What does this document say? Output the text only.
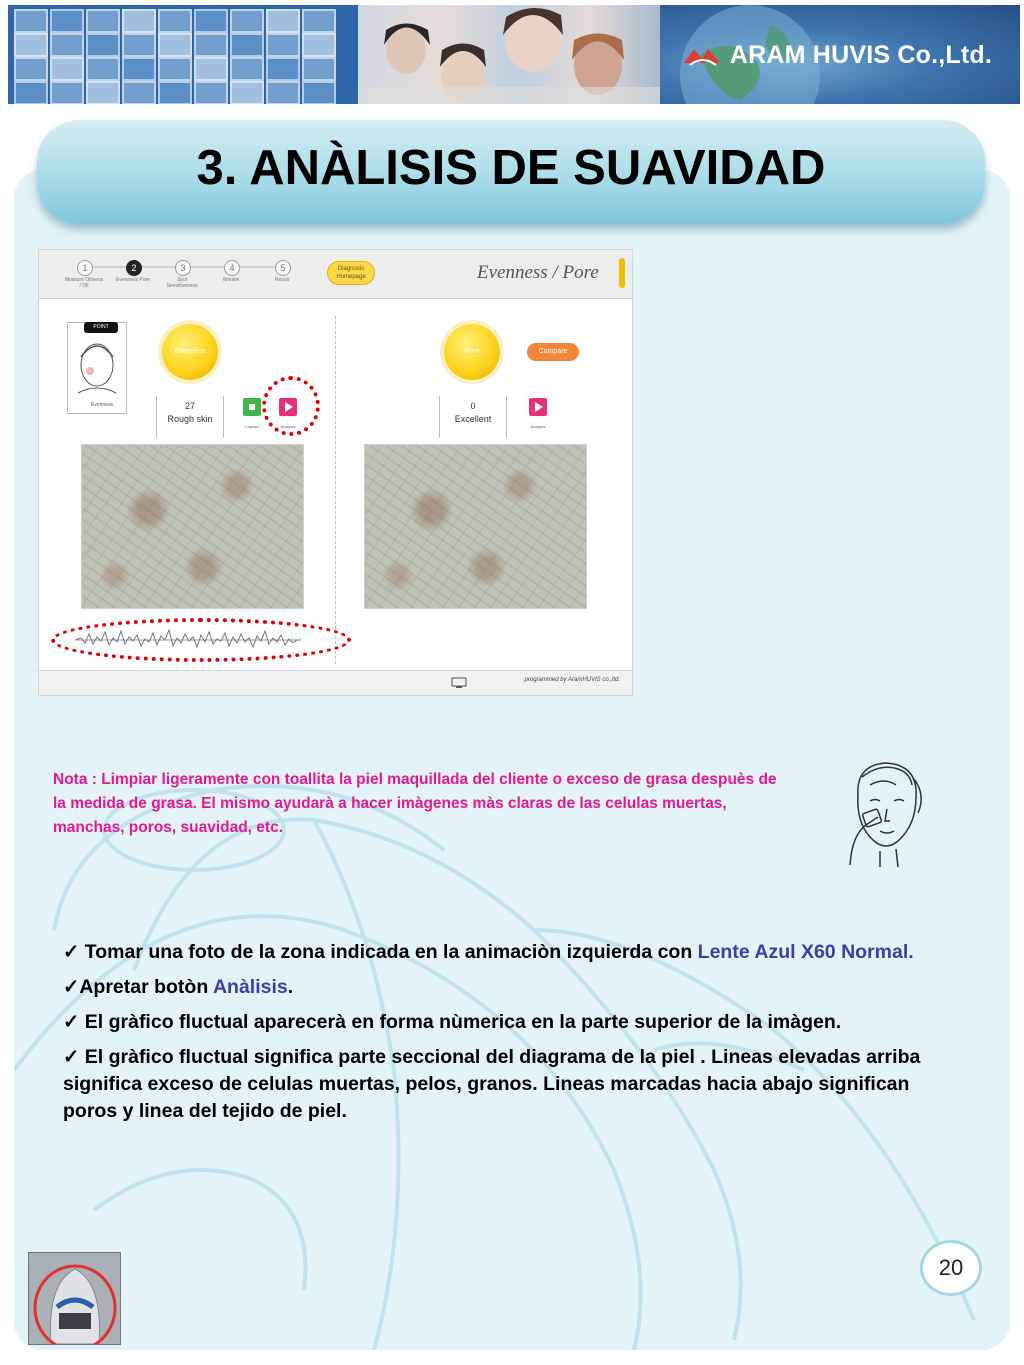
ARAM HUVIS Co.,Ltd.
3. ANÀLISIS DE SUAVIDAD
1	2	3	4	5
Moisture Oiliness / Oil
Evenness Pore	Spot Sensitiveness
Wrinkle	Result
Diagnosis
Homepage	Evenness / Pore
POINT
Evenness
Evenness
27
Rough skin
Capture	Analysis
Pore	Compare
0
Excellent
Analysis
programmed by AramHUVIS co.,ltd.
Nota : Limpiar ligeramente con toallita la piel maquillada del cliente o exceso de grasa despuès de la medida de grasa. El mismo ayudarà a hacer imàgenes màs claras de las celulas muertas, manchas, poros, suavidad, etc.

✓ Tomar una foto de la zona indicada en la animaciòn izquierda con Lente Azul X60 Normal.

✓Apretar botòn Anàlisis.

✓ El gràfico fluctual aparecerà en forma nùmerica en la parte superior de la imàgen.

✓ El gràfico fluctual significa parte seccional del diagrama de la piel . Lineas elevadas arriba significa exceso de celulas muertas, pelos, granos. Lineas marcadas hacia abajo significan poros y linea del tejido de piel.

20
